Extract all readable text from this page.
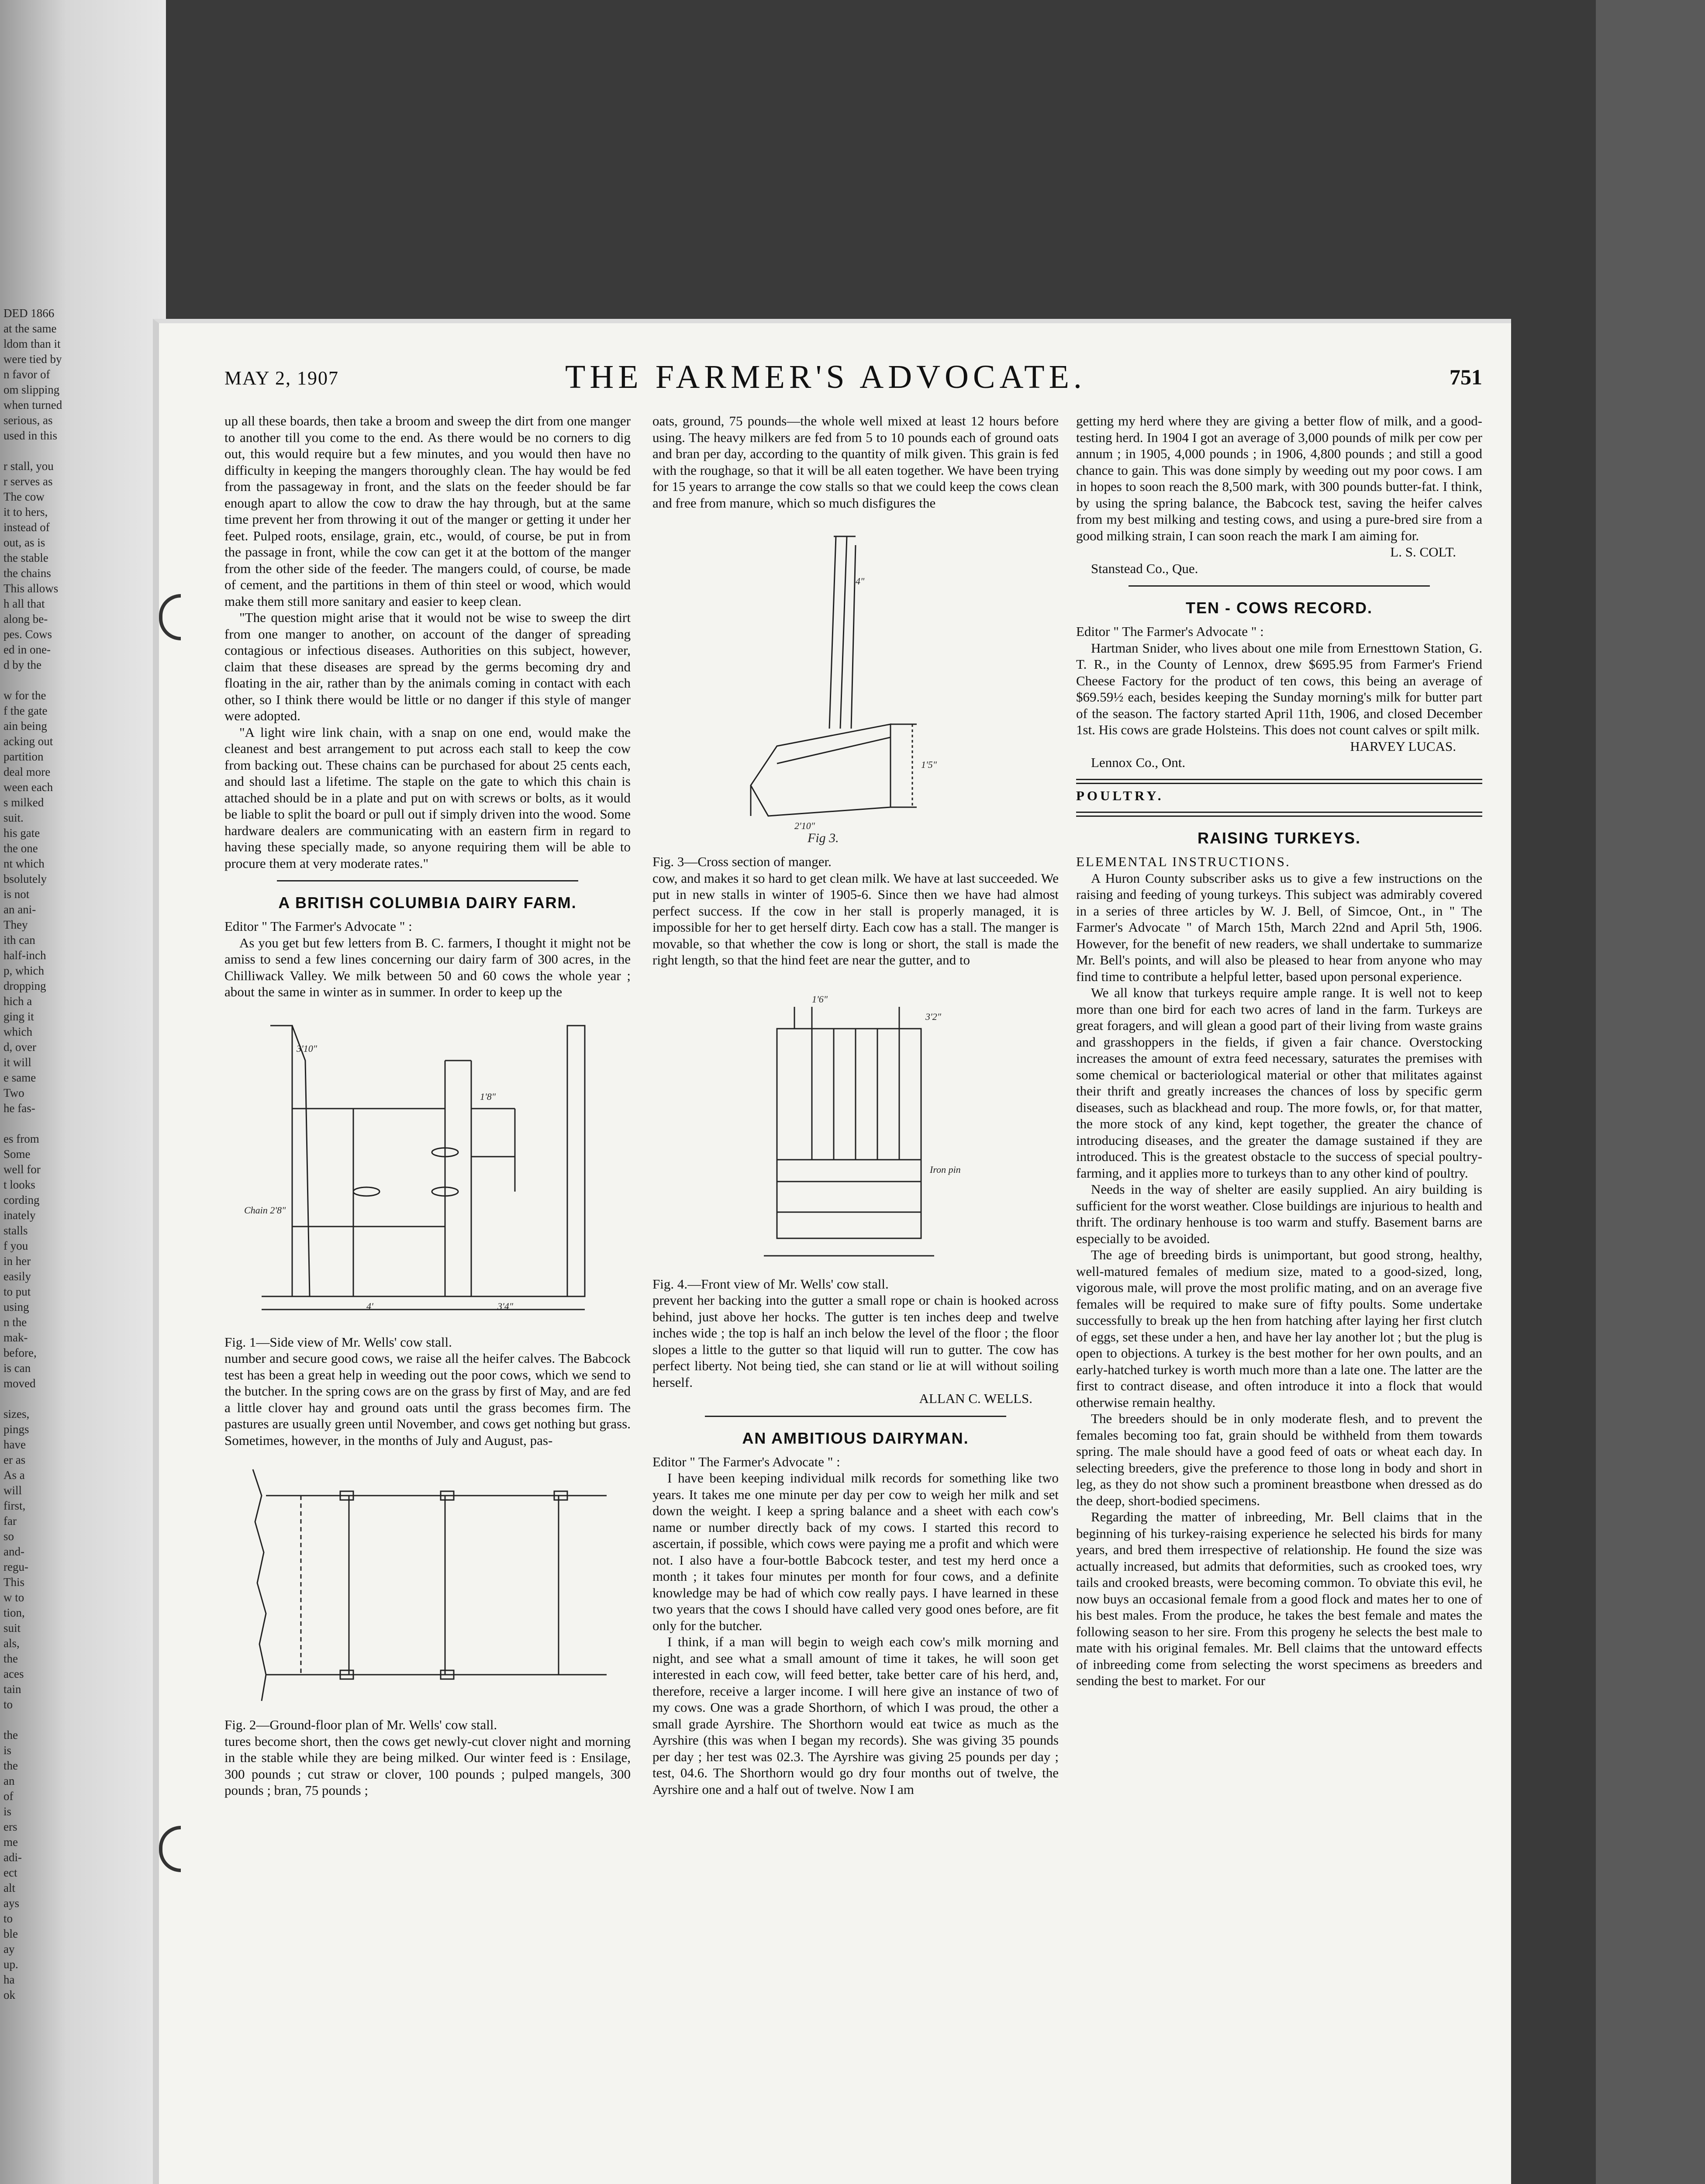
DED 1866

at the same
ldom than it
were tied by
n favor of
om slipping
when turned
serious, as
used in this

r stall, you
r serves as
The cow
it to hers,
instead of
out, as is
the stable
the chains
This allows
h all that
along be-
pes. Cows
ed in one-
d by the

w for the
f the gate
ain being
acking out
partition
deal more
ween each
s milked
suit.
his gate
the one
nt which
bsolutely
is not
an ani-
They
ith can
half-inch
p, which
dropping
hich a
ging it
which
d, over
it will
e same
Two
he fas-

es from
Some
well for
t looks
cording
inately
stalls
f you
in her
easily
to put
using
n the
mak-
before,
is can
moved

sizes,
pings
have
er as
As a
will
first,
far
so
and-
regu-
This
w to
tion,
suit
als,
the
aces
tain
to

the
is
the
an
of
is
ers
me
adi-
ect
alt
ays
to
ble
ay
up.
ha
ok

MAY 2, 1907	THE FARMER'S ADVOCATE.	751

up all these boards, then take a broom and sweep the dirt from one manger to another till you come to the end. As there would be no corners to dig out, this would require but a few minutes, and you would then have no difficulty in keeping the mangers thoroughly clean. The hay would be fed from the passageway in front, and the slats on the feeder should be far enough apart to allow the cow to draw the hay through, but at the same time prevent her from throwing it out of the manger or getting it under her feet. Pulped roots, ensilage, grain, etc., would, of course, be put in from the passage in front, while the cow can get it at the bottom of the manger from the other side of the feeder. The mangers could, of course, be made of cement, and the partitions in them of thin steel or wood, which would make them still more sanitary and easier to keep clean.

"The question might arise that it would not be wise to sweep the dirt from one manger to another, on account of the danger of spreading contagious or infectious diseases. Authorities on this subject, however, claim that these diseases are spread by the germs becoming dry and floating in the air, rather than by the animals coming in contact with each other, so I think there would be little or no danger if this style of manger were adopted.

"A light wire link chain, with a snap on one end, would make the cleanest and best arrangement to put across each stall to keep the cow from backing out. These chains can be purchased for about 25 cents each, and should last a lifetime. The staple on the gate to which this chain is attached should be in a plate and put on with screws or bolts, as it would be liable to split the board or pull out if simply driven into the wood. Some hardware dealers are communicating with an eastern firm in regard to having these specially made, so anyone requiring them will be able to procure them at very moderate rates."

A BRITISH COLUMBIA DAIRY FARM.

Editor " The Farmer's Advocate " :

As you get but few letters from B. C. farmers, I thought it might not be amiss to send a few lines concerning our dairy farm of 300 acres, in the Chilliwack Valley. We milk between 50 and 60 cows the whole year ; about the same in winter as in summer. In order to keep up the

4'	3'4"
3'10"
Chain 2'8"
1'8"

Fig. 1—Side view of Mr. Wells' cow stall.

number and secure good cows, we raise all the heifer calves. The Babcock test has been a great help in weeding out the poor cows, which we send to the butcher. In the spring cows are on the grass by first of May, and are fed a little clover hay and ground oats until the grass becomes firm. The pastures are usually green until November, and cows get nothing but grass. Sometimes, however, in the months of July and August, pas-

Fig. 2—Ground-floor plan of Mr. Wells' cow stall.

tures become short, then the cows get newly-cut clover night and morning in the stable while they are being milked. Our winter feed is : Ensilage, 300 pounds ; cut straw or clover, 100 pounds ; pulped mangels, 300 pounds ; bran, 75 pounds ;

oats, ground, 75 pounds—the whole well mixed at least 12 hours before using. The heavy milkers are fed from 5 to 10 pounds each of ground oats and bran per day, according to the quantity of milk given. This grain is fed with the roughage, so that it will be all eaten together. We have been trying for 15 years to arrange the cow stalls so that we could keep the cows clean and free from manure, which so much disfigures the

2'10"
1'5"
4"
Fig 3.

Fig. 3—Cross section of manger.

cow, and makes it so hard to get clean milk. We have at last succeeded. We put in new stalls in winter of 1905-6. Since then we have had almost perfect success. If the cow in her stall is properly managed, it is impossible for her to get herself dirty. Each cow has a stall. The manger is movable, so that whether the cow is long or short, the stall is made the right length, so that the hind feet are near the gutter, and to

1'6"
3'2"
Iron pin

Fig. 4.—Front view of Mr. Wells' cow stall.

prevent her backing into the gutter a small rope or chain is hooked across behind, just above her hocks. The gutter is ten inches deep and twelve inches wide ; the top is half an inch below the level of the floor ; the floor slopes a little to the gutter so that liquid will run to gutter. The cow has perfect liberty. Not being tied, she can stand or lie at will without soiling herself.

ALLAN C. WELLS.

AN AMBITIOUS DAIRYMAN.

Editor " The Farmer's Advocate " :

I have been keeping individual milk records for something like two years. It takes me one minute per day per cow to weigh her milk and set down the weight. I keep a spring balance and a sheet with each cow's name or number directly back of my cows. I started this record to ascertain, if possible, which cows were paying me a profit and which were not. I also have a four-bottle Babcock tester, and test my herd once a month ; it takes four minutes per month for four cows, and a definite knowledge may be had of which cow really pays. I have learned in these two years that the cows I should have called very good ones before, are fit only for the butcher.

I think, if a man will begin to weigh each cow's milk morning and night, and see what a small amount of time it takes, he will soon get interested in each cow, will feed better, take better care of his herd, and, therefore, receive a larger income. I will here give an instance of two of my cows. One was a grade Shorthorn, of which I was proud, the other a small grade Ayrshire. The Shorthorn would eat twice as much as the Ayrshire (this was when I began my records). She was giving 35 pounds per day ; her test was 02.3. The Ayrshire was giving 25 pounds per day ; test, 04.6. The Shorthorn would go dry four months out of twelve, the Ayrshire one and a half out of twelve. Now I am

getting my herd where they are giving a better flow of milk, and a good-testing herd. In 1904 I got an average of 3,000 pounds of milk per cow per annum ; in 1905, 4,000 pounds ; in 1906, 4,800 pounds ; and still a good chance to gain. This was done simply by weeding out my poor cows. I am in hopes to soon reach the 8,500 mark, with 300 pounds butter-fat. I think, by using the spring balance, the Babcock test, saving the heifer calves from my best milking and testing cows, and using a pure-bred sire from a good milking strain, I can soon reach the mark I am aiming for.

L. S. COLT.

Stanstead Co., Que.

TEN - COWS RECORD.

Editor " The Farmer's Advocate " :

Hartman Snider, who lives about one mile from Ernesttown Station, G. T. R., in the County of Lennox, drew $695.95 from Farmer's Friend Cheese Factory for the product of ten cows, this being an average of $69.59½ each, besides keeping the Sunday morning's milk for butter part of the season. The factory started April 11th, 1906, and closed December 1st. His cows are grade Holsteins. This does not count calves or spilt milk.

HARVEY LUCAS.

Lennox Co., Ont.

POULTRY.

RAISING TURKEYS.

ELEMENTAL INSTRUCTIONS.

A Huron County subscriber asks us to give a few instructions on the raising and feeding of young turkeys. This subject was admirably covered in a series of three articles by W. J. Bell, of Simcoe, Ont., in " The Farmer's Advocate " of March 15th, March 22nd and April 5th, 1906. However, for the benefit of new readers, we shall undertake to summarize Mr. Bell's points, and will also be pleased to hear from anyone who may find time to contribute a helpful letter, based upon personal experience.

We all know that turkeys require ample range. It is well not to keep more than one bird for each two acres of land in the farm. Turkeys are great foragers, and will glean a good part of their living from waste grains and grasshoppers in the fields, if given a fair chance. Overstocking increases the amount of extra feed necessary, saturates the premises with some chemical or bacteriological material or other that militates against their thrift and greatly increases the chances of loss by specific germ diseases, such as blackhead and roup. The more fowls, or, for that matter, the more stock of any kind, kept together, the greater the chance of introducing diseases, and the greater the damage sustained if they are introduced. This is the greatest obstacle to the success of special poultry-farming, and it applies more to turkeys than to any other kind of poultry.

Needs in the way of shelter are easily supplied. An airy building is sufficient for the worst weather. Close buildings are injurious to health and thrift. The ordinary henhouse is too warm and stuffy. Basement barns are especially to be avoided.

The age of breeding birds is unimportant, but good strong, healthy, well-matured females of medium size, mated to a good-sized, long, vigorous male, will prove the most prolific mating, and on an average five females will be required to make sure of fifty poults. Some undertake successfully to break up the hen from hatching after laying her first clutch of eggs, set these under a hen, and have her lay another lot ; but the plug is open to objections. A turkey is the best mother for her own poults, and an early-hatched turkey is worth much more than a late one. The latter are the first to contract disease, and often introduce it into a flock that would otherwise remain healthy.

The breeders should be in only moderate flesh, and to prevent the females becoming too fat, grain should be withheld from them towards spring. The male should have a good feed of oats or wheat each day. In selecting breeders, give the preference to those long in body and short in leg, as they do not show such a prominent breastbone when dressed as do the deep, short-bodied specimens.

Regarding the matter of inbreeding, Mr. Bell claims that in the beginning of his turkey-raising experience he selected his birds for many years, and bred them irrespective of relationship. He found the size was actually increased, but admits that deformities, such as crooked toes, wry tails and crooked breasts, were becoming common. To obviate this evil, he now buys an occasional female from a good flock and mates her to one of his best males. From the produce, he takes the best female and mates the following season to her sire. From this progeny he selects the best male to mate with his original females. Mr. Bell claims that the untoward effects of inbreeding come from selecting the worst specimens as breeders and sending the best to market. For our
